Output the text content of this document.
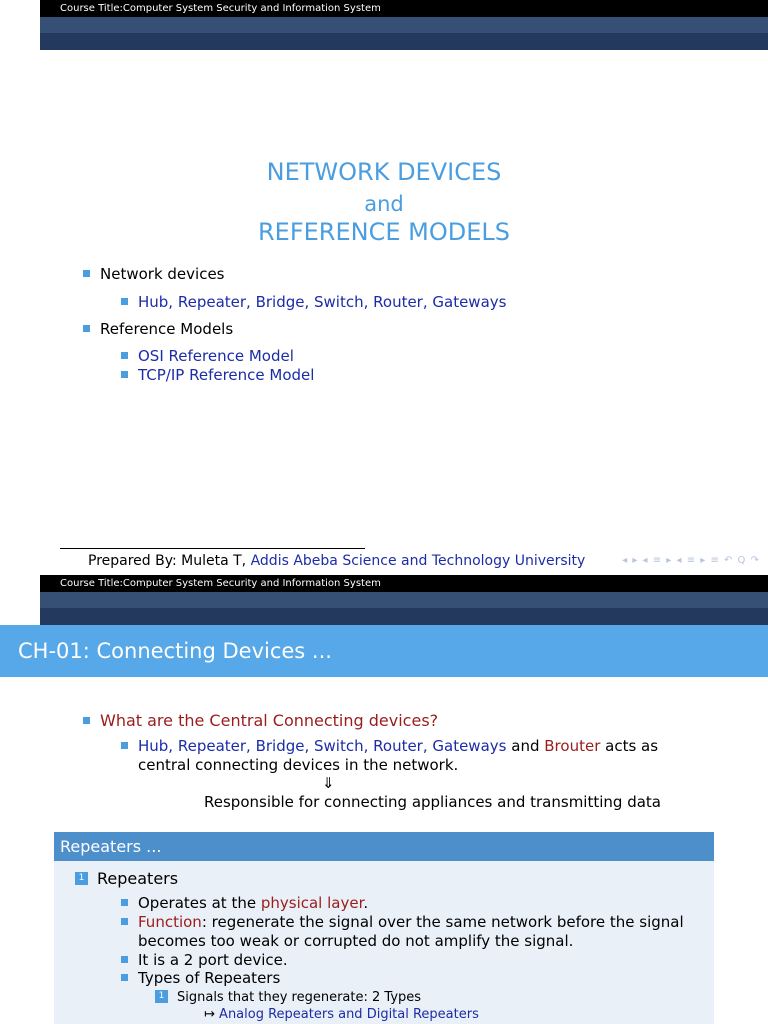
Course Title:Computer System Security and Information System
NETWORK DEVICES
and
REFERENCE MODELS
Network devices
Hub, Repeater, Bridge, Switch, Router, Gateways
Reference Models
OSI Reference Model
TCP/IP Reference Model
Prepared By: Muleta T, Addis Abeba Science and Technology University	◂ ▸ ◂ ≡ ▸ ◂ ≡ ▸ ≡ ↶ Q ↷
Course Title:Computer System Security and Information System
CH-01: Connecting Devices ...
What are the Central Connecting devices?
Hub, Repeater, Bridge, Switch, Router, Gateways and Brouter acts as
central connecting devices in the network.
⇓
Responsible for connecting appliances and transmitting data
Repeaters ...
1 Repeaters
Operates at the physical layer.
Function: regenerate the signal over the same network before the signal
becomes too weak or corrupted do not amplify the signal.
It is a 2 port device.
Types of Repeaters
1 Signals that they regenerate: 2 Types
↦ Analog Repeaters and Digital Repeaters
